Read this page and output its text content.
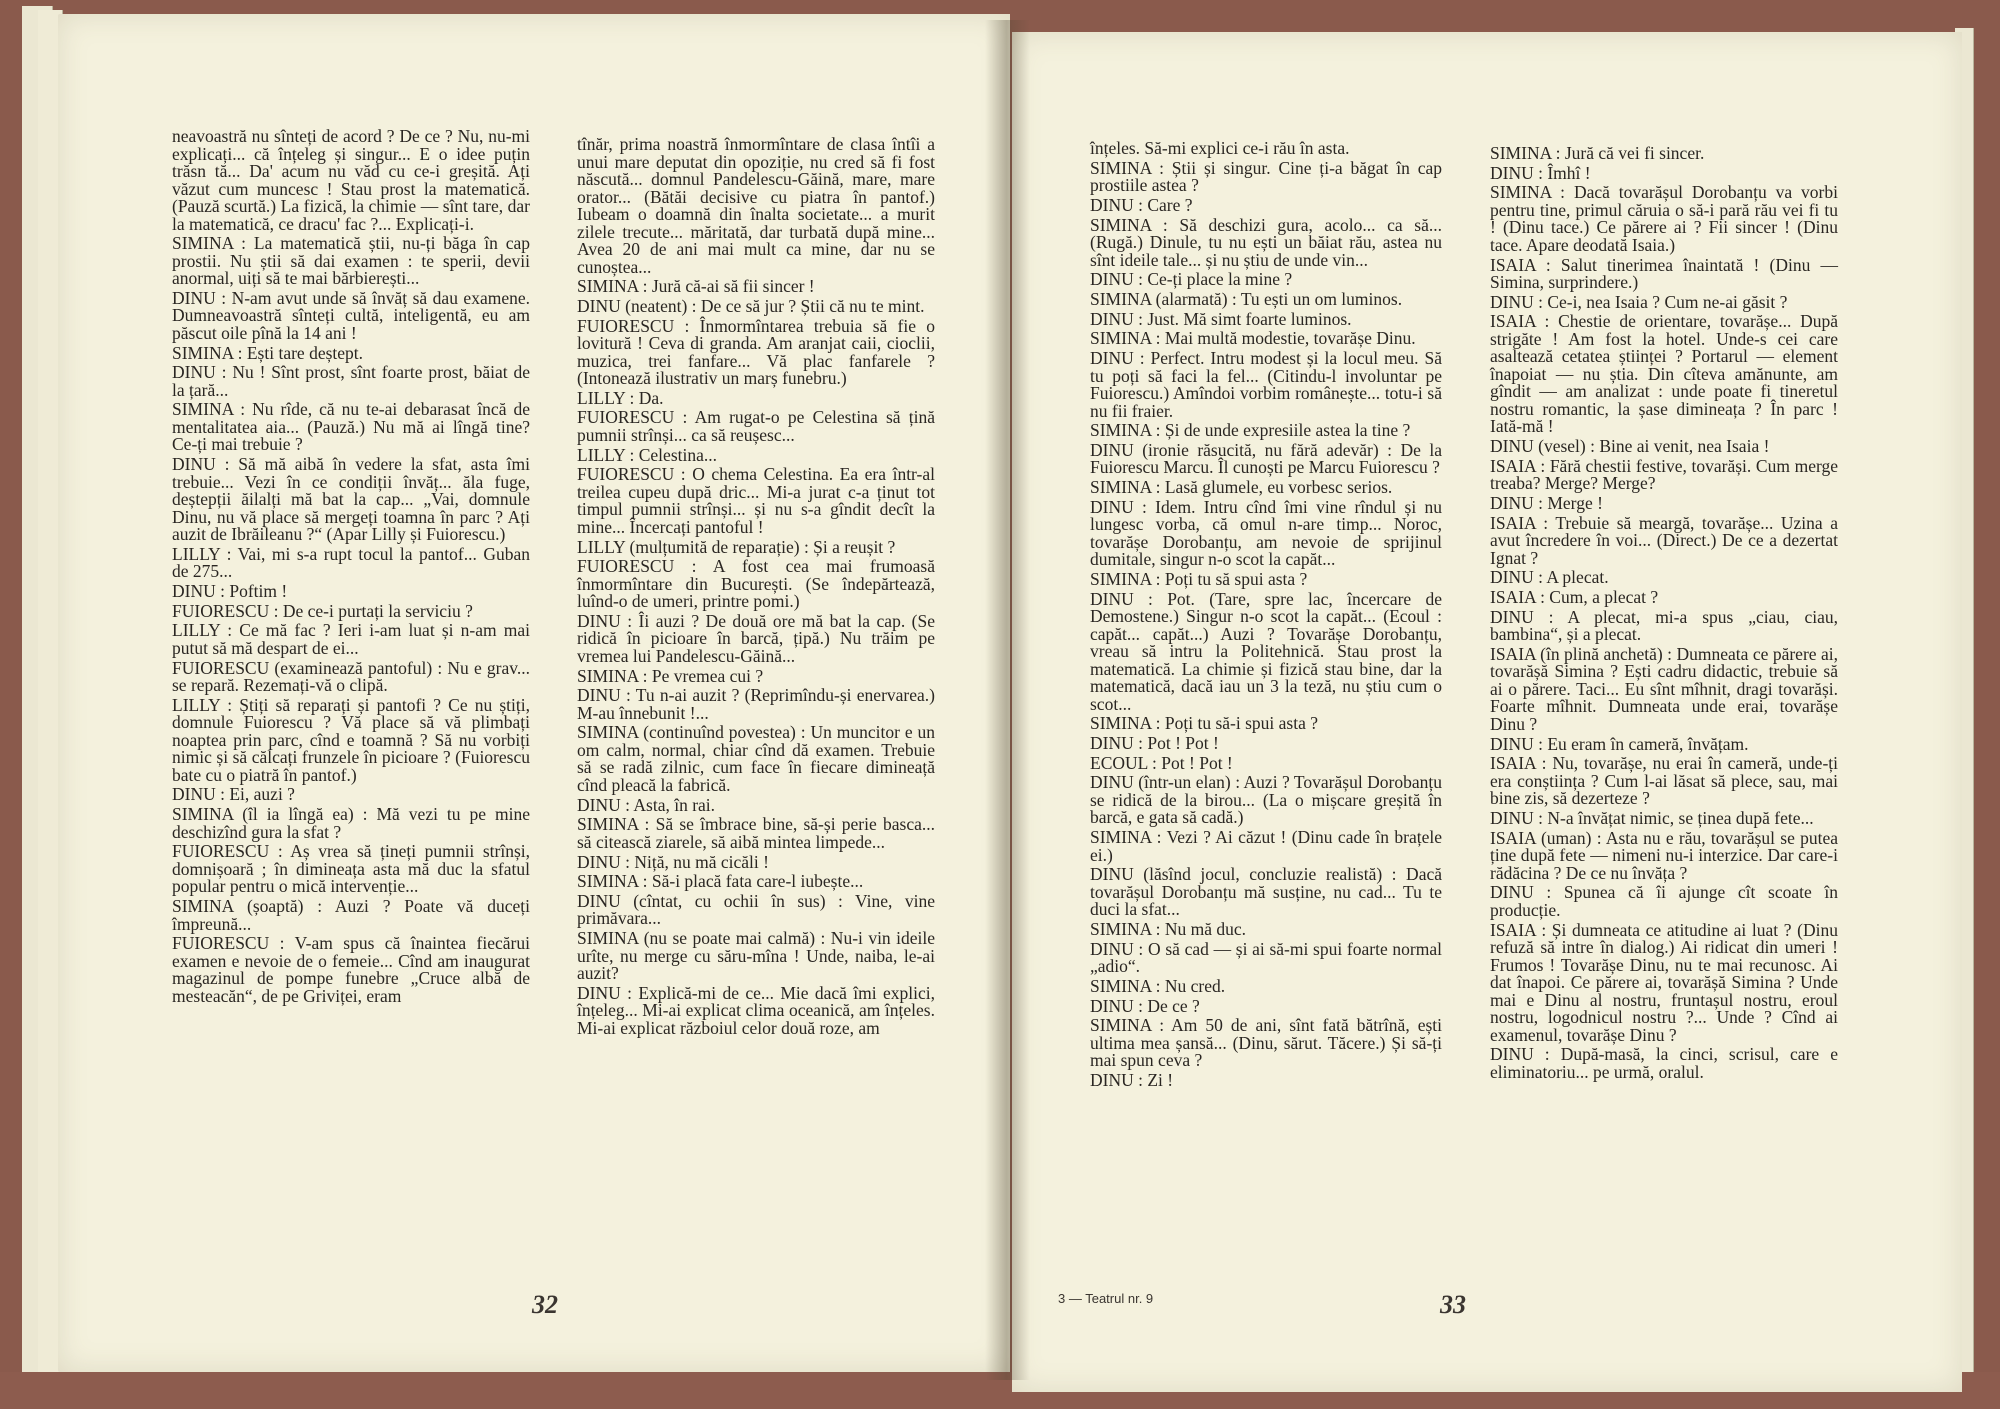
neavoastră nu sînteți de acord ? De ce ? Nu, nu-mi explicați... că înțeleg și singur... E o idee puțin trăsn tă... Da' acum nu văd cu ce-i greșită. Ați văzut cum muncesc ! Stau prost la matematică. (Pauză scurtă.) La fizică, la chimie — sînt tare, dar la matematică, ce dracu' fac ?... Explicați-i.

SIMINA : La matematică știi, nu-ți băga în cap prostii. Nu știi să dai examen : te sperii, devii anormal, uiți să te mai bărbierești...

DINU : N-am avut unde să învăț să dau examene. Dumneavoastră sînteți cultă, inteligentă, eu am păscut oile pînă la 14 ani !

SIMINA : Ești tare deștept.

DINU : Nu ! Sînt prost, sînt foarte prost, băiat de la țară...

SIMINA : Nu rîde, că nu te-ai debarasat încă de mentalitatea aia... (Pauză.) Nu mă ai lîngă tine? Ce-ți mai trebuie ?

DINU : Să mă aibă în vedere la sfat, asta îmi trebuie... Vezi în ce condiții învăț... ăla fuge, deștepții ăilalți mă bat la cap... „Vai, domnule Dinu, nu vă place să mergeți toamna în parc ? Ați auzit de Ibrăileanu ?“ (Apar Lilly și Fuiorescu.)

LILLY : Vai, mi s-a rupt tocul la pantof... Guban de 275...

DINU : Poftim !

FUIORESCU : De ce-i purtați la serviciu ?

LILLY : Ce mă fac ? Ieri i-am luat și n-am mai putut să mă despart de ei...

FUIORESCU (examinează pantoful) : Nu e grav... se repară. Rezemați-vă o clipă.

LILLY : Știți să reparați și pantofi ? Ce nu știți, domnule Fuiorescu ? Vă place să vă plimbați noaptea prin parc, cînd e toamnă ? Să nu vorbiți nimic și să călcați frunzele în picioare ? (Fuiorescu bate cu o piatră în pantof.)

DINU : Ei, auzi ?

SIMINA (îl ia lîngă ea) : Mă vezi tu pe mine deschizînd gura la sfat ?

FUIORESCU : Aș vrea să țineți pumnii strînși, domnișoară ; în dimineața asta mă duc la sfatul popular pentru o mică intervenție...

SIMINA (șoaptă) : Auzi ? Poate vă duceți împreună...

FUIORESCU : V-am spus că înaintea fiecărui examen e nevoie de o femeie... Cînd am inaugurat magazinul de pompe funebre „Cruce albă de mesteacăn“, de pe Griviței, eram

tînăr, prima noastră înmormîntare de clasa întîi a unui mare deputat din opoziție, nu cred să fi fost născută... domnul Pandelescu-Găină, mare, mare orator... (Bătăi decisive cu piatra în pantof.) Iubeam o doamnă din înalta societate... a murit zilele trecute... măritată, dar turbată după mine... Avea 20 de ani mai mult ca mine, dar nu se cunoștea...

SIMINA : Jură că-ai să fii sincer !

DINU (neatent) : De ce să jur ? Știi că nu te mint.

FUIORESCU : Înmormîntarea trebuia să fie o lovitură ! Ceva di granda. Am aranjat caii, cioclii, muzica, trei fanfare... Vă plac fanfarele ? (Intonează ilustrativ un marș funebru.)

LILLY : Da.

FUIORESCU : Am rugat-o pe Celestina să țină pumnii strînși... ca să reușesc...

LILLY : Celestina...

FUIORESCU : O chema Celestina. Ea era într-al treilea cupeu după dric... Mi-a jurat c-a ținut tot timpul pumnii strînși... și nu s-a gîndit decît la mine... Încercați pantoful !

LILLY (mulțumită de reparație) : Și a reușit ?

FUIORESCU : A fost cea mai frumoasă înmormîntare din București. (Se îndepărtează, luînd-o de umeri, printre pomi.)

DINU : Îi auzi ? De două ore mă bat la cap. (Se ridică în picioare în barcă, țipă.) Nu trăim pe vremea lui Pandelescu-Găină...

SIMINA : Pe vremea cui ?

DINU : Tu n-ai auzit ? (Reprimîndu-și enervarea.) M-au înnebunit !...

SIMINA (continuînd povestea) : Un muncitor e un om calm, normal, chiar cînd dă examen. Trebuie să se radă zilnic, cum face în fiecare dimineață cînd pleacă la fabrică.

DINU : Asta, în rai.

SIMINA : Să se îmbrace bine, să-și perie basca... să citească ziarele, să aibă mintea limpede...

DINU : Niță, nu mă cicăli !

SIMINA : Să-i placă fata care-l iubește...

DINU (cîntat, cu ochii în sus) : Vine, vine primăvara...

SIMINA (nu se poate mai calmă) : Nu-i vin ideile urîte, nu merge cu săru-mîna ! Unde, naiba, le-ai auzit?

DINU : Explică-mi de ce... Mie dacă îmi explici, înțeleg... Mi-ai explicat clima oceanică, am înțeles. Mi-ai explicat războiul celor două roze, am

32

înțeles. Să-mi explici ce-i rău în asta.

SIMINA : Știi și singur. Cine ți-a băgat în cap prostiile astea ?

DINU : Care ?

SIMINA : Să deschizi gura, acolo... ca să... (Rugă.) Dinule, tu nu ești un băiat rău, astea nu sînt ideile tale... și nu știu de unde vin...

DINU : Ce-ți place la mine ?

SIMINA (alarmată) : Tu ești un om luminos.

DINU : Just. Mă simt foarte luminos.

SIMINA : Mai multă modestie, tovarășe Dinu.

DINU : Perfect. Intru modest și la locul meu. Să tu poți să faci la fel... (Citindu-l involuntar pe Fuiorescu.) Amîndoi vorbim românește... totu-i să nu fii fraier.

SIMINA : Și de unde expresiile astea la tine ?

DINU (ironie răsucită, nu fără adevăr) : De la Fuiorescu Marcu. Îl cunoști pe Marcu Fuiorescu ?

SIMINA : Lasă glumele, eu vorbesc serios.

DINU : Idem. Intru cînd îmi vine rîndul și nu lungesc vorba, că omul n-are timp... Noroc, tovarășe Dorobanțu, am nevoie de sprijinul dumitale, singur n-o scot la capăt...

SIMINA : Poți tu să spui asta ?

DINU : Pot. (Tare, spre lac, încercare de Demostene.) Singur n-o scot la capăt... (Ecoul : capăt... capăt...) Auzi ? Tovarășe Dorobanțu, vreau să intru la Politehnică. Stau prost la matematică. La chimie și fizică stau bine, dar la matematică, dacă iau un 3 la teză, nu știu cum o scot...

SIMINA : Poți tu să-i spui asta ?

DINU : Pot ! Pot !

ECOUL : Pot ! Pot !

DINU (într-un elan) : Auzi ? Tovarășul Dorobanțu se ridică de la birou... (La o mișcare greșită în barcă, e gata să cadă.)

SIMINA : Vezi ? Ai căzut ! (Dinu cade în brațele ei.)

DINU (lăsînd jocul, concluzie realistă) : Dacă tovarășul Dorobanțu mă susține, nu cad... Tu te duci la sfat...

SIMINA : Nu mă duc.

DINU : O să cad — și ai să-mi spui foarte normal „adio“.

SIMINA : Nu cred.

DINU : De ce ?

SIMINA : Am 50 de ani, sînt fată bătrînă, ești ultima mea șansă... (Dinu, sărut. Tăcere.) Și să-ți mai spun ceva ?

DINU : Zi !

SIMINA : Jură că vei fi sincer.

DINU : Îmhî !

SIMINA : Dacă tovarășul Dorobanțu va vorbi pentru tine, primul căruia o să-i pară rău vei fi tu ! (Dinu tace.) Ce părere ai ? Fii sincer ! (Dinu tace. Apare deodată Isaia.)

ISAIA : Salut tinerimea înaintată ! (Dinu — Simina, surprindere.)

DINU : Ce-i, nea Isaia ? Cum ne-ai găsit ?

ISAIA : Chestie de orientare, tovarășe... După strigăte ! Am fost la hotel. Unde-s cei care asaltează cetatea științei ? Portarul — element înapoiat — nu știa. Din cîteva amănunte, am gîndit — am analizat : unde poate fi tineretul nostru romantic, la șase dimineața ? În parc ! Iată-mă !

DINU (vesel) : Bine ai venit, nea Isaia !

ISAIA : Fără chestii festive, tovarăși. Cum merge treaba? Merge? Merge?

DINU : Merge !

ISAIA : Trebuie să meargă, tovarășe... Uzina a avut încredere în voi... (Direct.) De ce a dezertat Ignat ?

DINU : A plecat.

ISAIA : Cum, a plecat ?

DINU : A plecat, mi-a spus „ciau, ciau, bambina“, și a plecat.

ISAIA (în plină anchetă) : Dumneata ce părere ai, tovarășă Simina ? Ești cadru didactic, trebuie să ai o părere. Taci... Eu sînt mîhnit, dragi tovarăși. Foarte mîhnit. Dumneata unde erai, tovarășe Dinu ?

DINU : Eu eram în cameră, învățam.

ISAIA : Nu, tovarășe, nu erai în cameră, unde-ți era conștiința ? Cum l-ai lăsat să plece, sau, mai bine zis, să dezerteze ?

DINU : N-a învățat nimic, se ținea după fete...

ISAIA (uman) : Asta nu e rău, tovarășul se putea ține după fete — nimeni nu-i interzice. Dar care-i rădăcina ? De ce nu învăța ?

DINU : Spunea că îi ajunge cît scoate în producție.

ISAIA : Și dumneata ce atitudine ai luat ? (Dinu refuză să intre în dialog.) Ai ridicat din umeri ! Frumos ! Tovarășe Dinu, nu te mai recunosc. Ai dat înapoi. Ce părere ai, tovarășă Simina ? Unde mai e Dinu al nostru, fruntașul nostru, eroul nostru, logodnicul nostru ?... Unde ? Cînd ai examenul, tovarășe Dinu ?

DINU : După-masă, la cinci, scrisul, care e eliminatoriu... pe urmă, oralul.

3 — Teatrul nr. 9	33
